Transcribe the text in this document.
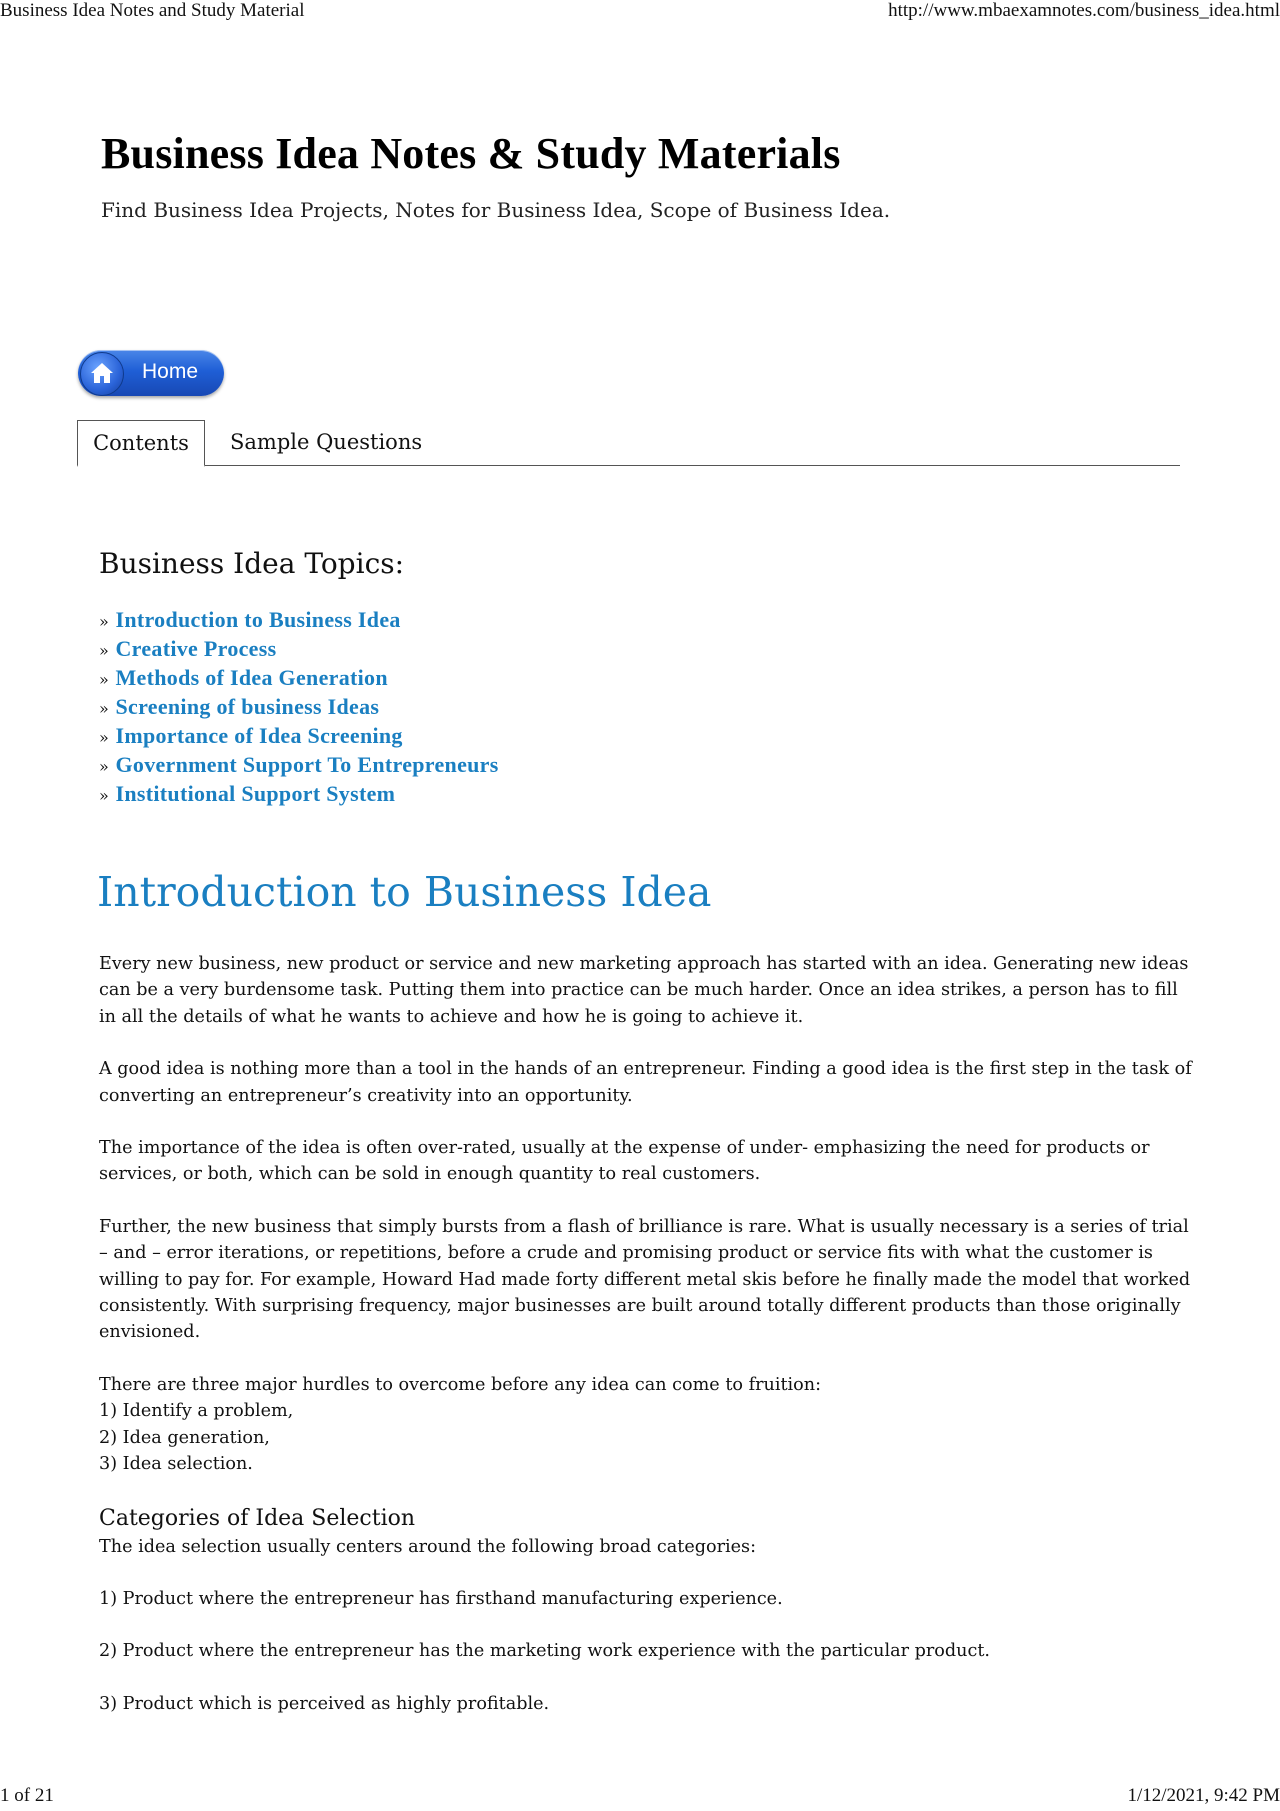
Business Idea Notes and Study Material	http://www.mbaexamnotes.com/business_idea.html
Business Idea Notes & Study Materials

Find Business Idea Projects, Notes for Business Idea, Scope of Business Idea.

Home
Contents	Sample Questions
Business Idea Topics:
» Introduction to Business Idea
» Creative Process
» Methods of Idea Generation
» Screening of business Ideas
» Importance of Idea Screening
» Government Support To Entrepreneurs
» Institutional Support System
Introduction to Business Idea

Every new business, new product or service and new marketing approach has started with an idea. Generating new ideas can be a very burdensome task. Putting them into practice can be much harder. Once an idea strikes, a person has to fill in all the details of what he wants to achieve and how he is going to achieve it.

A good idea is nothing more than a tool in the hands of an entrepreneur. Finding a good idea is the first step in the task of converting an entrepreneur’s creativity into an opportunity.

The importance of the idea is often over-rated, usually at the expense of under- emphasizing the need for products or services, or both, which can be sold in enough quantity to real customers.

Further, the new business that simply bursts from a flash of brilliance is rare. What is usually necessary is a series of trial – and – error iterations, or repetitions, before a crude and promising product or service fits with what the customer is willing to pay for. For example, Howard Had made forty different metal skis before he finally made the model that worked consistently. With surprising frequency, major businesses are built around totally different products than those originally envisioned.

There are three major hurdles to overcome before any idea can come to fruition:
1) Identify a problem,
2) Idea generation,
3) Idea selection.
Categories of Idea Selection

The idea selection usually centers around the following broad categories:

1) Product where the entrepreneur has firsthand manufacturing experience.

2) Product where the entrepreneur has the marketing work experience with the particular product.

3) Product which is perceived as highly profitable.

1 of 21	1/12/2021, 9:42 PM
